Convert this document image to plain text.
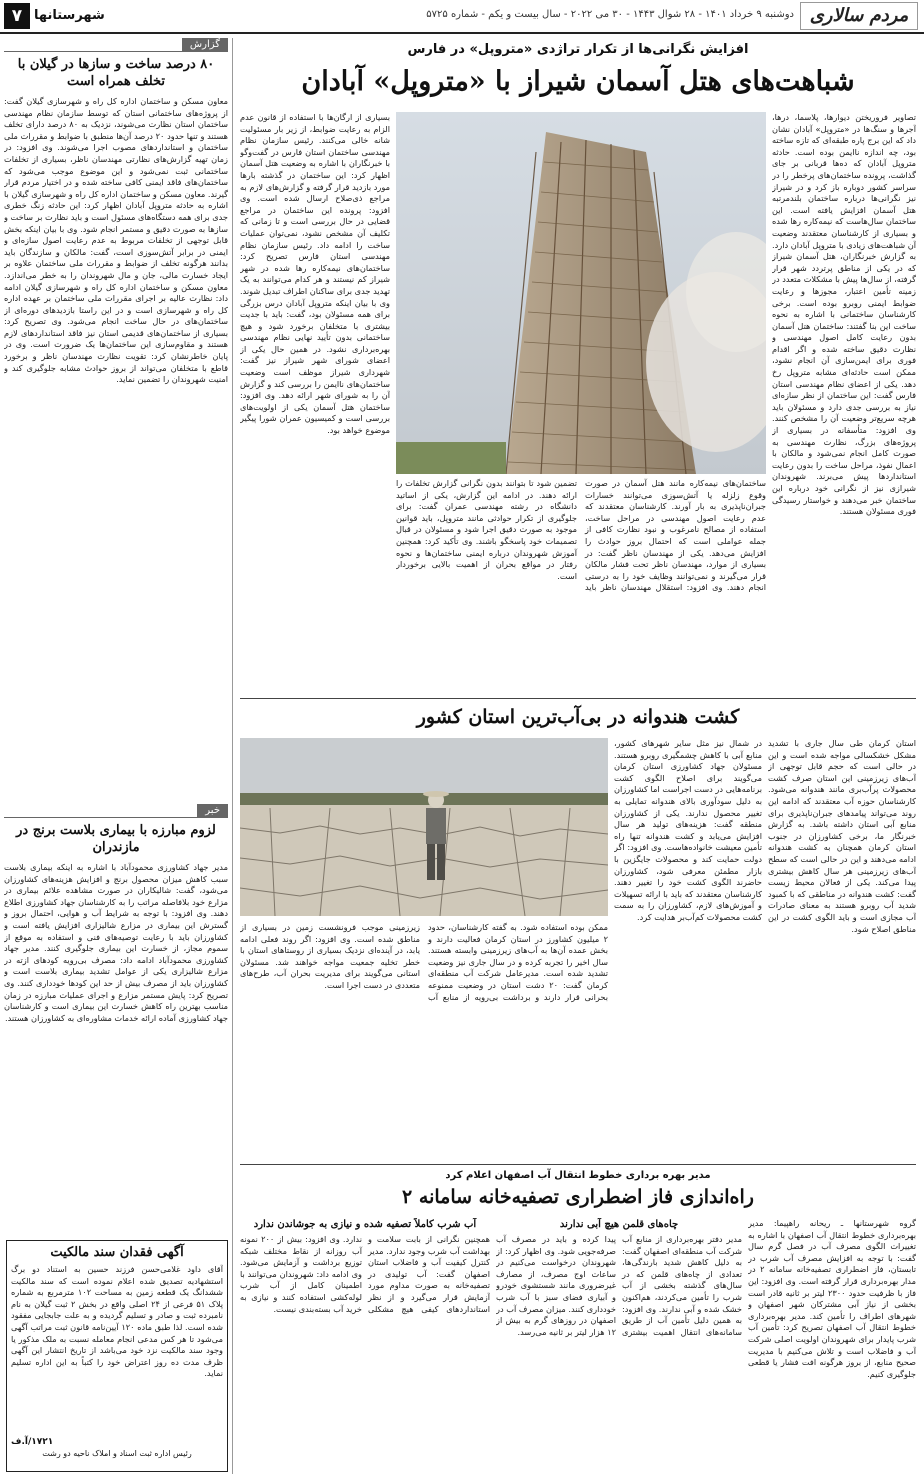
مردم سالاری
دوشنبه ۹ خرداد ۱۴۰۱ - ۲۸ شوال ۱۴۴۳ - ۳۰ می ۲۰۲۲ - سال بیست و یکم - شماره ۵۷۲۵
شهرستانها
۷
گزارش
۸۰ درصد ساخت و سازها در گیلان با تخلف همراه است
معاون مسکن و ساختمان اداره کل راه و شهرسازی گیلان گفت: از پروژه‌های ساختمانی استان که توسط سازمان نظام مهندسی ساختمان استان نظارت می‌شوند، نزدیک به ۸۰ درصد دارای تخلف هستند و تنها حدود ۲۰ درصد آن‌ها منطبق با ضوابط و مقررات ملی ساختمان و استانداردهای مصوب اجرا می‌شوند. وی افزود: در زمان تهیه گزارش‌های نظارتی مهندسان ناظر، بسیاری از تخلفات ساختمانی ثبت نمی‌شود و این موضوع موجب می‌شود که ساختمان‌های فاقد ایمنی کافی ساخته شده و در اختیار مردم قرار گیرند. معاون مسکن و ساختمان اداره کل راه و شهرسازی گیلان با اشاره به حادثه متروپل آبادان اظهار کرد: این حادثه زنگ خطری جدی برای همه دستگاه‌های مسئول است و باید نظارت بر ساخت و سازها به صورت دقیق و مستمر انجام شود. وی با بیان اینکه بخش قابل توجهی از تخلفات مربوط به عدم رعایت اصول سازه‌ای و ایمنی در برابر آتش‌سوزی است، گفت: مالکان و سازندگان باید بدانند هرگونه تخلف از ضوابط و مقررات ملی ساختمان علاوه بر ایجاد خسارت مالی، جان و مال شهروندان را به خطر می‌اندازد. معاون مسکن و ساختمان اداره کل راه و شهرسازی گیلان ادامه داد: نظارت عالیه بر اجرای مقررات ملی ساختمان بر عهده اداره کل راه و شهرسازی است و در این راستا بازدیدهای دوره‌ای از ساختمان‌های در حال ساخت انجام می‌شود. وی تصریح کرد: بسیاری از ساختمان‌های قدیمی استان نیز فاقد استانداردهای لازم هستند و مقاوم‌سازی این ساختمان‌ها یک ضرورت است. وی در پایان خاطرنشان کرد: تقویت نظارت مهندسان ناظر و برخورد قاطع با متخلفان می‌تواند از بروز حوادث مشابه جلوگیری کند و امنیت شهروندان را تضمین نماید.
خبر
لزوم مبارزه با بیماری بلاست برنج در مازندران
مدیر جهاد کشاورزی محمودآباد با اشاره به اینکه بیماری بلاست سبب کاهش میزان محصول برنج و افزایش هزینه‌های کشاورزان می‌شود، گفت: شالیکاران در صورت مشاهده علائم بیماری در مزارع خود بلافاصله مراتب را به کارشناسان جهاد کشاورزی اطلاع دهند. وی افزود: با توجه به شرایط آب و هوایی، احتمال بروز و گسترش این بیماری در مزارع شالیزاری افزایش یافته است و کشاورزان باید با رعایت توصیه‌های فنی و استفاده به موقع از سموم مجاز، از خسارت این بیماری جلوگیری کنند. مدیر جهاد کشاورزی محمودآباد ادامه داد: مصرف بی‌رویه کودهای ازته در مزارع شالیزاری یکی از عوامل تشدید بیماری بلاست است و کشاورزان باید از مصرف بیش از حد این کودها خودداری کنند. وی تصریح کرد: پایش مستمر مزارع و اجرای عملیات مبارزه در زمان مناسب بهترین راه کاهش خسارت این بیماری است و کارشناسان جهاد کشاورزی آماده ارائه خدمات مشاوره‌ای به کشاورزان هستند.
آگهی فقدان سند مالکیت
آقای داود غلامی‌حسن فرزند حسین به استناد دو برگ استشهادیه تصدیق شده اعلام نموده است که سند مالکیت ششدانگ یک قطعه زمین به مساحت ۱۰۲ مترمربع به شماره پلاک ۵۱ فرعی از ۲۴ اصلی واقع در بخش ۲ ثبت گیلان به نام نامبرده ثبت و صادر و تسلیم گردیده و به علت جابجایی مفقود شده است. لذا طبق ماده ۱۲۰ آیین‌نامه قانون ثبت مراتب آگهی می‌شود تا هر کس مدعی انجام معامله نسبت به ملک مذکور یا وجود سند مالکیت نزد خود می‌باشد از تاریخ انتشار این آگهی ظرف مدت ده روز اعتراض خود را کتباً به این اداره تسلیم نماید.
۱۷۲۱/آ.ف
رئیس اداره ثبت اسناد و املاک ناحیه دو رشت
افزایش نگرانی‌ها از تکرار تراژدی «متروپل» در فارس
شباهت‌های هتل آسمان شیراز با «متروپل» آبادان
تصاویر فروریختن دیوارها، پلاسما، درها، آجرها و سنگ‌ها در «متروپل» آبادان نشان داد که این برج پاره طبقه‌ای که تازه ساخته بود، چه اندازه ناایمن بوده است. حادثه متروپل آبادان که ده‌ها قربانی بر جای گذاشت، پرونده ساختمان‌های پرخطر را در سراسر کشور دوباره باز کرد و در شیراز نیز نگرانی‌ها درباره ساختمان بلندمرتبه هتل آسمان افزایش یافته است. این ساختمان سال‌هاست که نیمه‌کاره رها شده و بسیاری از کارشناسان معتقدند وضعیت آن شباهت‌های زیادی با متروپل آبادان دارد. به گزارش خبرنگاران، هتل آسمان شیراز که در یکی از مناطق پرتردد شهر قرار گرفته، از سال‌ها پیش با مشکلات متعدد در زمینه تأمین اعتبار، مجوزها و رعایت ضوابط ایمنی روبرو بوده است. برخی کارشناسان ساختمانی با اشاره به نحوه ساخت این بنا گفتند: ساختمان هتل آسمان بدون رعایت کامل اصول مهندسی و نظارت دقیق ساخته شده و اگر اقدام فوری برای ایمن‌سازی آن انجام نشود، ممکن است حادثه‌ای مشابه متروپل رخ دهد. یکی از اعضای نظام مهندسی استان فارس گفت: این ساختمان از نظر سازه‌ای نیاز به بررسی جدی دارد و مسئولان باید هرچه سریع‌تر وضعیت آن را مشخص کنند. وی افزود: متأسفانه در بسیاری از پروژه‌های بزرگ، نظارت مهندسی به صورت کامل انجام نمی‌شود و مالکان با اعمال نفوذ، مراحل ساخت را بدون رعایت استانداردها پیش می‌برند. شهروندان شیرازی نیز از نگرانی خود درباره این ساختمان خبر می‌دهند و خواستار رسیدگی فوری مسئولان هستند.
بسیاری از ارگان‌ها با استفاده از قانون عدم الزام به رعایت ضوابط، از زیر بار مسئولیت شانه خالی می‌کنند. رئیس سازمان نظام مهندسی ساختمان استان فارس در گفت‌وگو با خبرنگاران با اشاره به وضعیت هتل آسمان اظهار کرد: این ساختمان در گذشته بارها مورد بازدید قرار گرفته و گزارش‌های لازم به مراجع ذی‌صلاح ارسال شده است. وی افزود: پرونده این ساختمان در مراجع قضایی در حال بررسی است و تا زمانی که تکلیف آن مشخص نشود، نمی‌توان عملیات ساخت را ادامه داد. رئیس سازمان نظام مهندسی استان فارس تصریح کرد: ساختمان‌های نیمه‌کاره رها شده در شهر شیراز کم نیستند و هر کدام می‌توانند به یک تهدید جدی برای ساکنان اطراف تبدیل شوند. وی با بیان اینکه متروپل آبادان درس بزرگی برای همه مسئولان بود، گفت: باید با جدیت بیشتری با متخلفان برخورد شود و هیچ ساختمانی بدون تأیید نهایی نظام مهندسی بهره‌برداری نشود. در همین حال یکی از اعضای شورای شهر شیراز نیز گفت: شهرداری شیراز موظف است وضعیت ساختمان‌های ناایمن را بررسی کند و گزارش آن را به شورای شهر ارائه دهد. وی افزود: ساختمان هتل آسمان یکی از اولویت‌های بررسی است و کمیسیون عمران شورا پیگیر موضوع خواهد بود.
ساختمان‌های نیمه‌کاره مانند هتل آسمان در صورت وقوع زلزله یا آتش‌سوزی می‌توانند خسارات جبران‌ناپذیری به بار آورند. کارشناسان معتقدند که عدم رعایت اصول مهندسی در مراحل ساخت، استفاده از مصالح نامرغوب و نبود نظارت کافی از جمله عواملی است که احتمال بروز حوادث را افزایش می‌دهد. یکی از مهندسان ناظر گفت: در بسیاری از موارد، مهندسان ناظر تحت فشار مالکان قرار می‌گیرند و نمی‌توانند وظایف خود را به درستی انجام دهند. وی افزود: استقلال مهندسان ناظر باید تضمین شود تا بتوانند بدون نگرانی گزارش تخلفات را ارائه دهند. در ادامه این گزارش، یکی از اساتید دانشگاه در رشته مهندسی عمران گفت: برای جلوگیری از تکرار حوادثی مانند متروپل، باید قوانین موجود به صورت دقیق اجرا شود و مسئولان در قبال تصمیمات خود پاسخگو باشند. وی تأکید کرد: همچنین آموزش شهروندان درباره ایمنی ساختمان‌ها و نحوه رفتار در مواقع بحران از اهمیت بالایی برخوردار است.
کشت هندوانه در بی‌آب‌ترین استان کشور
استان کرمان طی سال جاری با تشدید مشکل خشکسالی مواجه شده است و این در حالی است که حجم قابل توجهی از آب‌های زیرزمینی این استان صرف کشت محصولات پرآب‌بری مانند هندوانه می‌شود. کارشناسان حوزه آب معتقدند که ادامه این روند می‌تواند پیامدهای جبران‌ناپذیری برای منابع آبی استان داشته باشد. به گزارش خبرنگار ما، برخی کشاورزان در جنوب استان کرمان همچنان به کشت هندوانه ادامه می‌دهند و این در حالی است که سطح آب‌های زیرزمینی هر سال کاهش بیشتری پیدا می‌کند. یکی از فعالان محیط زیست گفت: کشت هندوانه در مناطقی که با کمبود شدید آب روبرو هستند به معنای صادرات آب مجازی است و باید الگوی کشت در این مناطق اصلاح شود.
در شمال نیز مثل سایر شهرهای کشور، منابع آبی با کاهش چشمگیری روبرو هستند. مسئولان جهاد کشاورزی استان کرمان می‌گویند برای اصلاح الگوی کشت برنامه‌هایی در دست اجراست اما کشاورزان به دلیل سودآوری بالای هندوانه تمایلی به تغییر محصول ندارند. یکی از کشاورزان منطقه گفت: هزینه‌های تولید هر سال افزایش می‌یابد و کشت هندوانه تنها راه تأمین معیشت خانواده‌هاست. وی افزود: اگر دولت حمایت کند و محصولات جایگزین با بازار مطمئن معرفی شود، کشاورزان حاضرند الگوی کشت خود را تغییر دهند. کارشناسان معتقدند که باید با ارائه تسهیلات و آموزش‌های لازم، کشاورزان را به سمت کشت محصولات کم‌آب‌بر هدایت کرد.
ممکن بوده استفاده شود. به گفته کارشناسان، حدود ۲ میلیون کشاورز در استان کرمان فعالیت دارند و بخش عمده آن‌ها به آب‌های زیرزمینی وابسته هستند. سال اخیر را تجربه کرده و در سال جاری نیز وضعیت تشدید شده است. مدیرعامل شرکت آب منطقه‌ای کرمان گفت: ۲۰ دشت استان در وضعیت ممنوعه بحرانی قرار دارند و برداشت بی‌رویه از منابع آب زیرزمینی موجب فرونشست زمین در بسیاری از مناطق شده است. وی افزود: اگر روند فعلی ادامه یابد، در آینده‌ای نزدیک بسیاری از روستاهای استان با خطر تخلیه جمعیت مواجه خواهند شد. مسئولان استانی می‌گویند برای مدیریت بحران آب، طرح‌های متعددی در دست اجرا است.
مدیر بهره برداری خطوط انتقال آب اصفهان اعلام کرد
راه‌اندازی فاز اضطراری تصفیه‌خانه سامانه ۲
گروه شهرستانها ـ ریحانه راهپیما: مدیر بهره‌برداری خطوط انتقال آب اصفهان با اشاره به تغییرات الگوی مصرف آب در فصل گرم سال گفت: با توجه به افزایش مصرف آب شرب در تابستان، فاز اضطراری تصفیه‌خانه سامانه ۲ در مدار بهره‌برداری قرار گرفته است. وی افزود: این فاز با ظرفیت حدود ۲۳۰۰ لیتر بر ثانیه قادر است بخشی از نیاز آبی مشترکان شهر اصفهان و شهرهای اطراف را تأمین کند. مدیر بهره‌برداری خطوط انتقال آب اصفهان تصریح کرد: تأمین آب شرب پایدار برای شهروندان اولویت اصلی شرکت آب و فاضلاب است و تلاش می‌کنیم با مدیریت صحیح منابع، از بروز هرگونه افت فشار یا قطعی جلوگیری کنیم.
چاه‌های قلمن هیچ آبی ندارند
مدیر دفتر بهره‌برداری از منابع آب شرکت آب منطقه‌ای اصفهان گفت: به دلیل کاهش شدید بارندگی‌ها، تعدادی از چاه‌های قلمن که در سال‌های گذشته بخشی از آب شرب را تأمین می‌کردند، هم‌اکنون خشک شده و آبی ندارند. وی افزود: به همین دلیل تأمین آب از طریق سامانه‌های انتقال اهمیت بیشتری پیدا کرده و باید در مصرف آب صرفه‌جویی شود. وی اظهار کرد: از شهروندان درخواست می‌کنیم در ساعات اوج مصرف، از مصارف غیرضروری مانند شستشوی خودرو و آبیاری فضای سبز با آب شرب خودداری کنند. میزان مصرف آب در اصفهان در روزهای گرم به بیش از ۱۲ هزار لیتر بر ثانیه می‌رسد.
آب شرب کاملاً تصفیه شده و نیازی به جوشاندن ندارد
همچنین نگرانی از بابت سلامت و بهداشت آب شرب وجود ندارد. مدیر کنترل کیفیت آب و فاضلاب استان اصفهان گفت: آب تولیدی در تصفیه‌خانه به صورت مداوم مورد آزمایش قرار می‌گیرد و از نظر استانداردهای کیفی هیچ مشکلی ندارد. وی افزود: بیش از ۲۰۰ نمونه آب روزانه از نقاط مختلف شبکه توزیع برداشت و آزمایش می‌شود. وی ادامه داد: شهروندان می‌توانند با اطمینان کامل از آب شرب لوله‌کشی استفاده کنند و نیازی به خرید آب بسته‌بندی نیست.
